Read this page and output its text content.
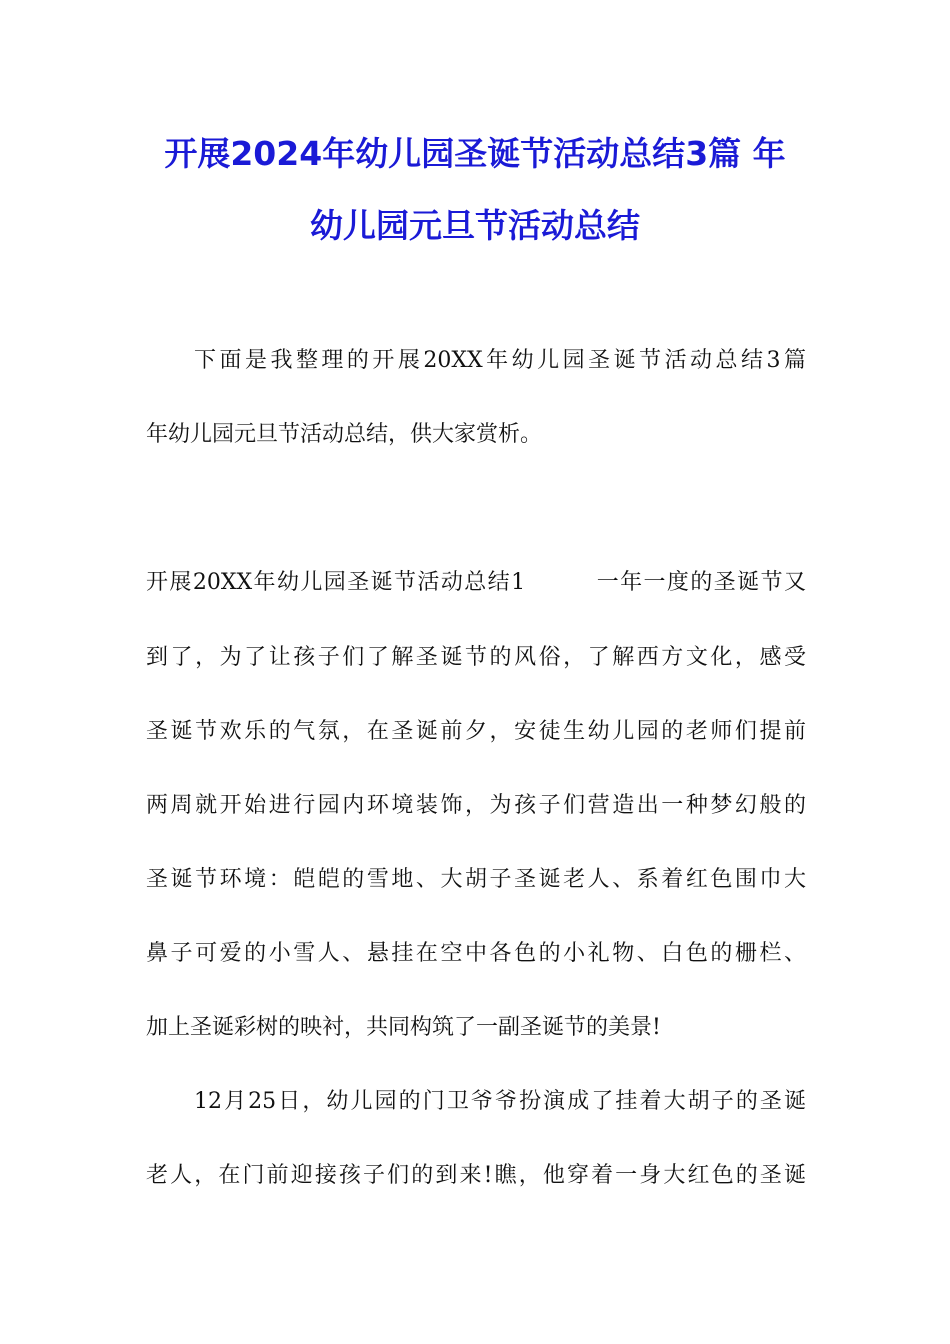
开展2024年幼儿园圣诞节活动总结3篇 年
幼儿园元旦节活动总结
下面是我整理的开展20XX年幼儿园圣诞节活动总结3篇
年幼儿园元旦节活动总结，供大家赏析。
开展20XX年幼儿园圣诞节活动总结1　　　一年一度的圣诞节又
到了，为了让孩子们了解圣诞节的风俗，了解西方文化，感受
圣诞节欢乐的气氛，在圣诞前夕，安徒生幼儿园的老师们提前
两周就开始进行园内环境装饰，为孩子们营造出一种梦幻般的
圣诞节环境：皑皑的雪地、大胡子圣诞老人、系着红色围巾大
鼻子可爱的小雪人、悬挂在空中各色的小礼物、白色的栅栏、
加上圣诞彩树的映衬，共同构筑了一副圣诞节的美景!
12月25日，幼儿园的门卫爷爷扮演成了挂着大胡子的圣诞
老人，在门前迎接孩子们的到来!瞧，他穿着一身大红色的圣诞
